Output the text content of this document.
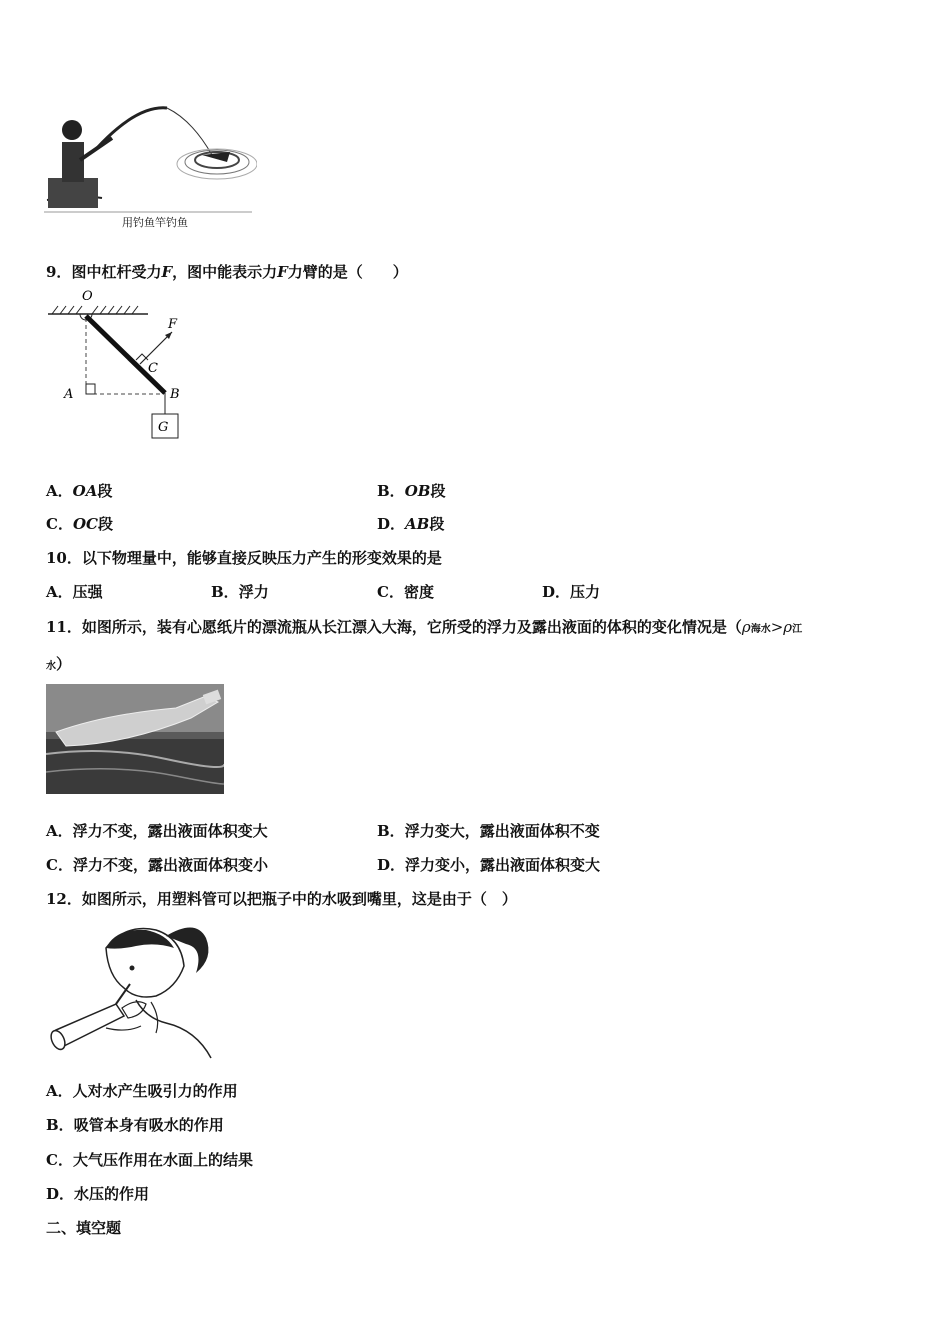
用钓鱼竿钓鱼
9．图中杠杆受力F，图中能表示力F力臂的是（　　）
O
F
C
A	B
G
A．OA段	B．OB段
C．OC段	D．AB段
10．以下物理量中，能够直接反映压力产生的形变效果的是
A．压强	B．浮力	C．密度	D．压力
11．如图所示，装有心愿纸片的漂流瓶从长江漂入大海，它所受的浮力及露出液面的体积的变化情况是（ρ海水>ρ江
水）
A．浮力不变，露出液面体积变大	B．浮力变大，露出液面体积不变
C．浮力不变，露出液面体积变小	D．浮力变小，露出液面体积变大
12．如图所示，用塑料管可以把瓶子中的水吸到嘴里，这是由于（　）
A．人对水产生吸引力的作用
B．吸管本身有吸水的作用
C．大气压作用在水面上的结果
D．水压的作用
二、填空题
